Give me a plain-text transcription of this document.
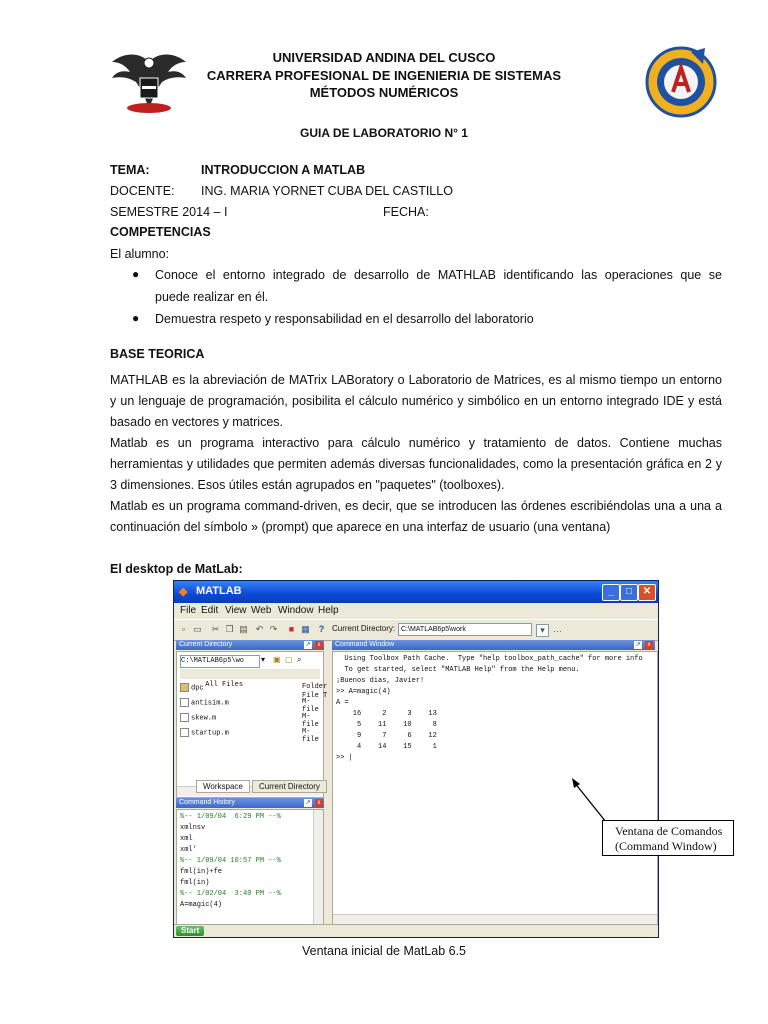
UNIVERSIDAD ANDINA DEL CUSCO
CARRERA PROFESIONAL DE INGENIERIA DE SISTEMAS
MÉTODOS NUMÉRICOS
GUIA DE LABORATORIO N° 1
TEMA:	INTRODUCCION A MATLAB
DOCENTE: ING. MARIA YORNET CUBA DEL CASTILLO
SEMESTRE 2014 – I	FECHA:
COMPETENCIAS
El alumno:
● Conoce el entorno integrado de desarrollo de MATHLAB identificando las operaciones que se
puede realizar en él.
● Demuestra respeto y responsabilidad en el desarrollo del laboratorio
BASE TEORICA
MATHLAB es la abreviación de MATrix LABoratory o Laboratorio de Matrices, es al mismo tiempo un entorno y un lenguaje de programación, posibilita el cálculo numérico y simbólico en un entorno integrado IDE y está basado en vectores y matrices.
Matlab es un programa interactivo para cálculo numérico y tratamiento de datos. Contiene muchas herramientas y utilidades que permiten además diversas funcionalidades, como la presentación gráfica en 2 y 3 dimensiones. Esos útiles están agrupados en "paquetes" (toolboxes).
Matlab es un programa command-driven, es decir, que se introducen las órdenes escribiéndolas una a una a continuación del símbolo » (prompt) que aparece en una interfaz de usuario (una ventana)
El desktop de MatLab:
◆ MATLAB	_	□	✕
File Edit View Web Window Help
▫ ▭ ✂ ❐ ▤ ↶ ↷	■ ▦	? Current Directory: C:\MATLAB6p5\work	▾ …
Current Directory	↗	x
C:\MATLAB6p5\wo	▾ ▣ ▢ ⌕

All Files

File T

dpc	Folder
antisim.m	M-file
skew.m	M-file
startup.m	M-file
Workspace	Current Directory
Command History	↗	x
%-- 1/09/04  6:29 PM --%
xmlnsv
xml
xml'
%-- 1/09/04 10:57 PM --%
fml(in)+fe
fml(in)
%-- 1/02/04  3:40 PM --%
A=magic(4)
Command Window	↗	x
Using Toolbox Path Cache.  Type "help toolbox_path_cache" for more info
To get started, select "MATLAB Help" from the Help menu.
¡Buenos dias, Javier!
>> A=magic(4)
A =
16     2     3    13
5    11    10     8
9     7     6    12
4    14    15     1
>> |
Start
Ventana de Comandos
(Command Window)
Ventana inicial de MatLab 6.5
